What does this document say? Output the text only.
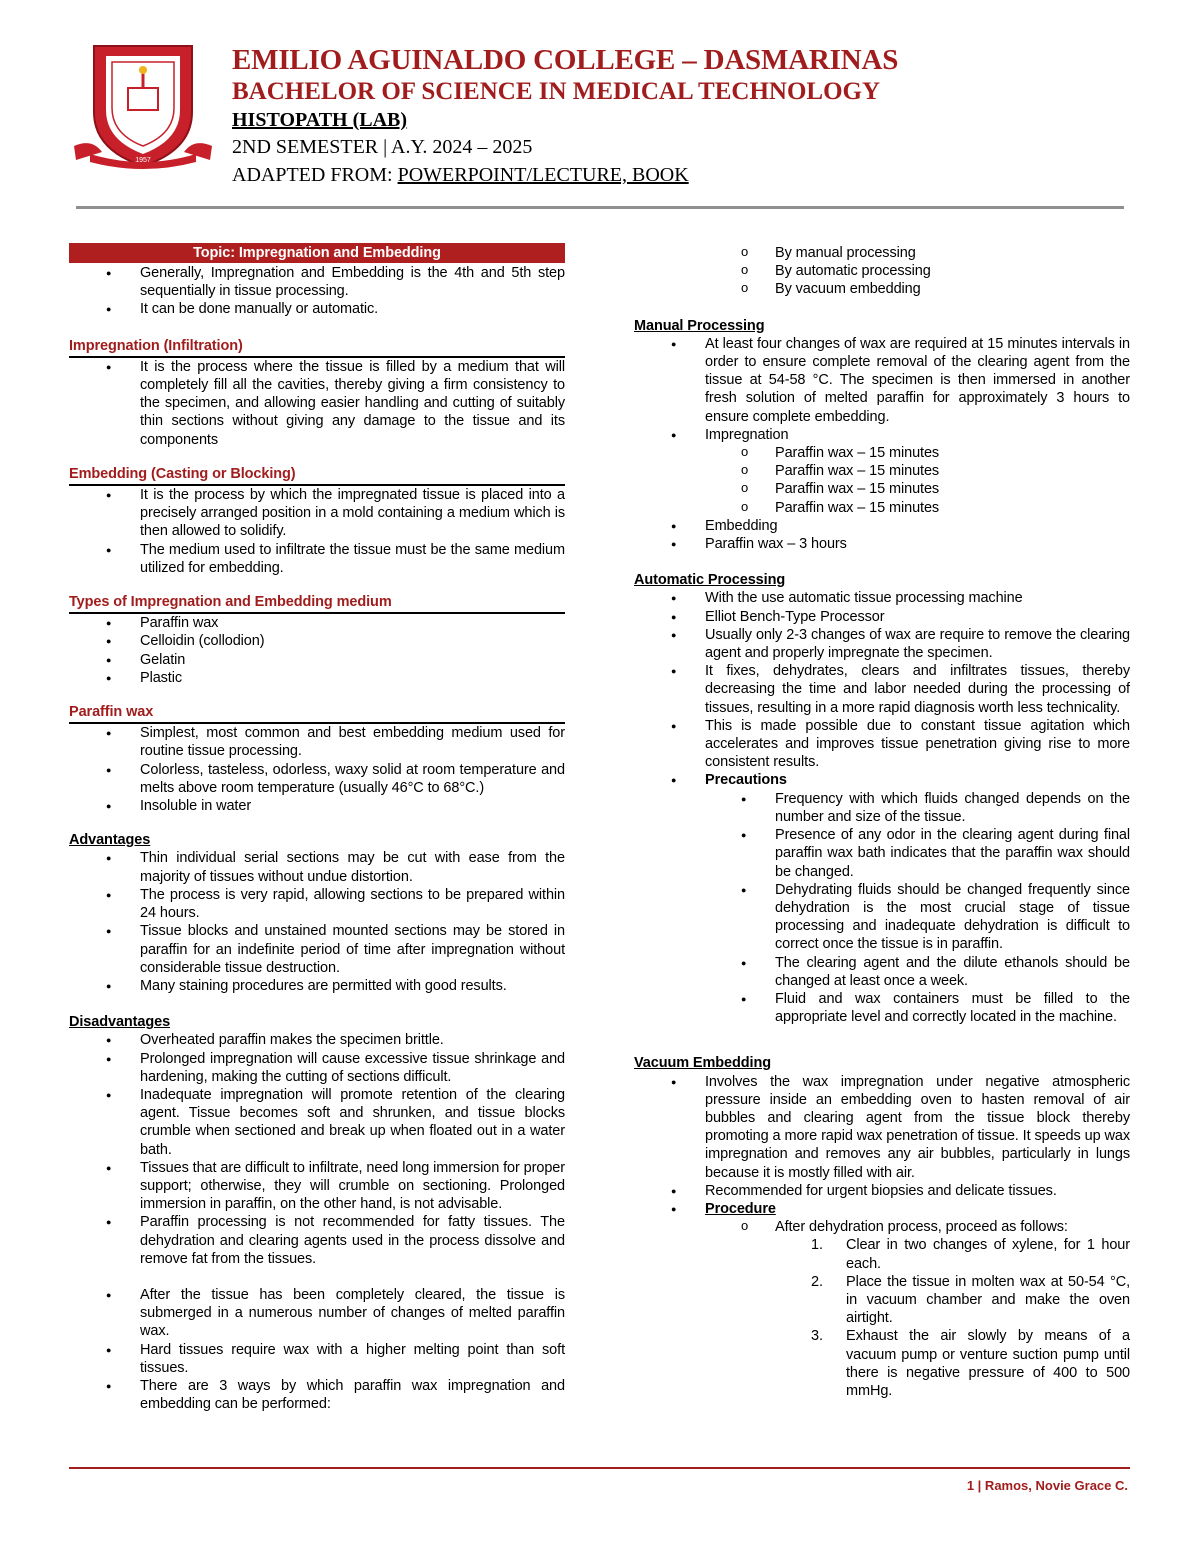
1957

EMILIO AGUINALDO COLLEGE – DASMARINAS

BACHELOR OF SCIENCE IN MEDICAL TECHNOLOGY

HISTOPATH (LAB)

2ND SEMESTER | A.Y. 2024 – 2025

ADAPTED FROM: POWERPOINT/LECTURE, BOOK

Topic: Impregnation and Embedding
● Generally, Impregnation and Embedding is the 4th and 5th step sequentially in tissue processing.
● It can be done manually or automatic.

Impregnation (Infiltration)

● It is the process where the tissue is filled by a medium that will completely fill all the cavities, thereby giving a firm consistency to the specimen, and allowing easier handling and cutting of suitably thin sections without giving any damage to the tissue and its components

Embedding (Casting or Blocking)

● It is the process by which the impregnated tissue is placed into a precisely arranged position in a mold containing a medium which is then allowed to solidify.
● The medium used to infiltrate the tissue must be the same medium utilized for embedding.

Types of Impregnation and Embedding medium

● Paraffin wax
● Celloidin (collodion)
● Gelatin
● Plastic

Paraffin wax

● Simplest, most common and best embedding medium used for routine tissue processing.
● Colorless, tasteless, odorless, waxy solid at room temperature and melts above room temperature (usually 46°C to 68°C.)
● Insoluble in water

Advantages

● Thin individual serial sections may be cut with ease from the majority of tissues without undue distortion.
● The process is very rapid, allowing sections to be prepared within 24 hours.
● Tissue blocks and unstained mounted sections may be stored in paraffin for an indefinite period of time after impregnation without considerable tissue destruction.
● Many staining procedures are permitted with good results.

Disadvantages

● Overheated paraffin makes the specimen brittle.
● Prolonged impregnation will cause excessive tissue shrinkage and hardening, making the cutting of sections difficult.
● Inadequate impregnation will promote retention of the clearing agent. Tissue becomes soft and shrunken, and tissue blocks crumble when sectioned and break up when floated out in a water bath.
● Tissues that are difficult to infiltrate, need long immersion for proper support; otherwise, they will crumble on sectioning. Prolonged immersion in paraffin, on the other hand, is not advisable.
● Paraffin processing is not recommended for fatty tissues. The dehydration and clearing agents used in the process dissolve and remove fat from the tissues.
● After the tissue has been completely cleared, the tissue is submerged in a numerous number of changes of melted paraffin wax.
● Hard tissues require wax with a higher melting point than soft tissues.
● There are 3 ways by which paraffin wax impregnation and embedding can be performed:
o By manual processing
o By automatic processing
o By vacuum embedding

Manual Processing

● At least four changes of wax are required at 15 minutes intervals in order to ensure complete removal of the clearing agent from the tissue at 54-58 °C. The specimen is then immersed in another fresh solution of melted paraffin for approximately 3 hours to ensure complete embedding.
● Impregnation
o Paraffin wax – 15 minutes
o Paraffin wax – 15 minutes
o Paraffin wax – 15 minutes
o Paraffin wax – 15 minutes
● Embedding
● Paraffin wax – 3 hours

Automatic Processing

● With the use automatic tissue processing machine
● Elliot Bench-Type Processor
● Usually only 2-3 changes of wax are require to remove the clearing agent and properly impregnate the specimen.
● It fixes, dehydrates, clears and infiltrates tissues, thereby decreasing the time and labor needed during the processing of tissues, resulting in a more rapid diagnosis worth less technicality.
● This is made possible due to constant tissue agitation which accelerates and improves tissue penetration giving rise to more consistent results.
● Precautions
● Frequency with which fluids changed depends on the number and size of the tissue.
● Presence of any odor in the clearing agent during final paraffin wax bath indicates that the paraffin wax should be changed.
● Dehydrating fluids should be changed frequently since dehydration is the most crucial stage of tissue processing and inadequate dehydration is difficult to correct once the tissue is in paraffin.
● The clearing agent and the dilute ethanols should be changed at least once a week.
● Fluid and wax containers must be filled to the appropriate level and correctly located in the machine.

Vacuum Embedding

● Involves the wax impregnation under negative atmospheric pressure inside an embedding oven to hasten removal of air bubbles and clearing agent from the tissue block thereby promoting a more rapid wax penetration of tissue. It speeds up wax impregnation and removes any air bubbles, particularly in lungs because it is mostly filled with air.
● Recommended for urgent biopsies and delicate tissues.
● Procedure
o After dehydration process, proceed as follows:
1. Clear in two changes of xylene, for 1 hour each.
2. Place the tissue in molten wax at 50-54 °C, in vacuum chamber and make the oven airtight.
3. Exhaust the air slowly by means of a vacuum pump or venture suction pump until there is negative pressure of 400 to 500 mmHg.
1 | Ramos, Novie Grace C.
